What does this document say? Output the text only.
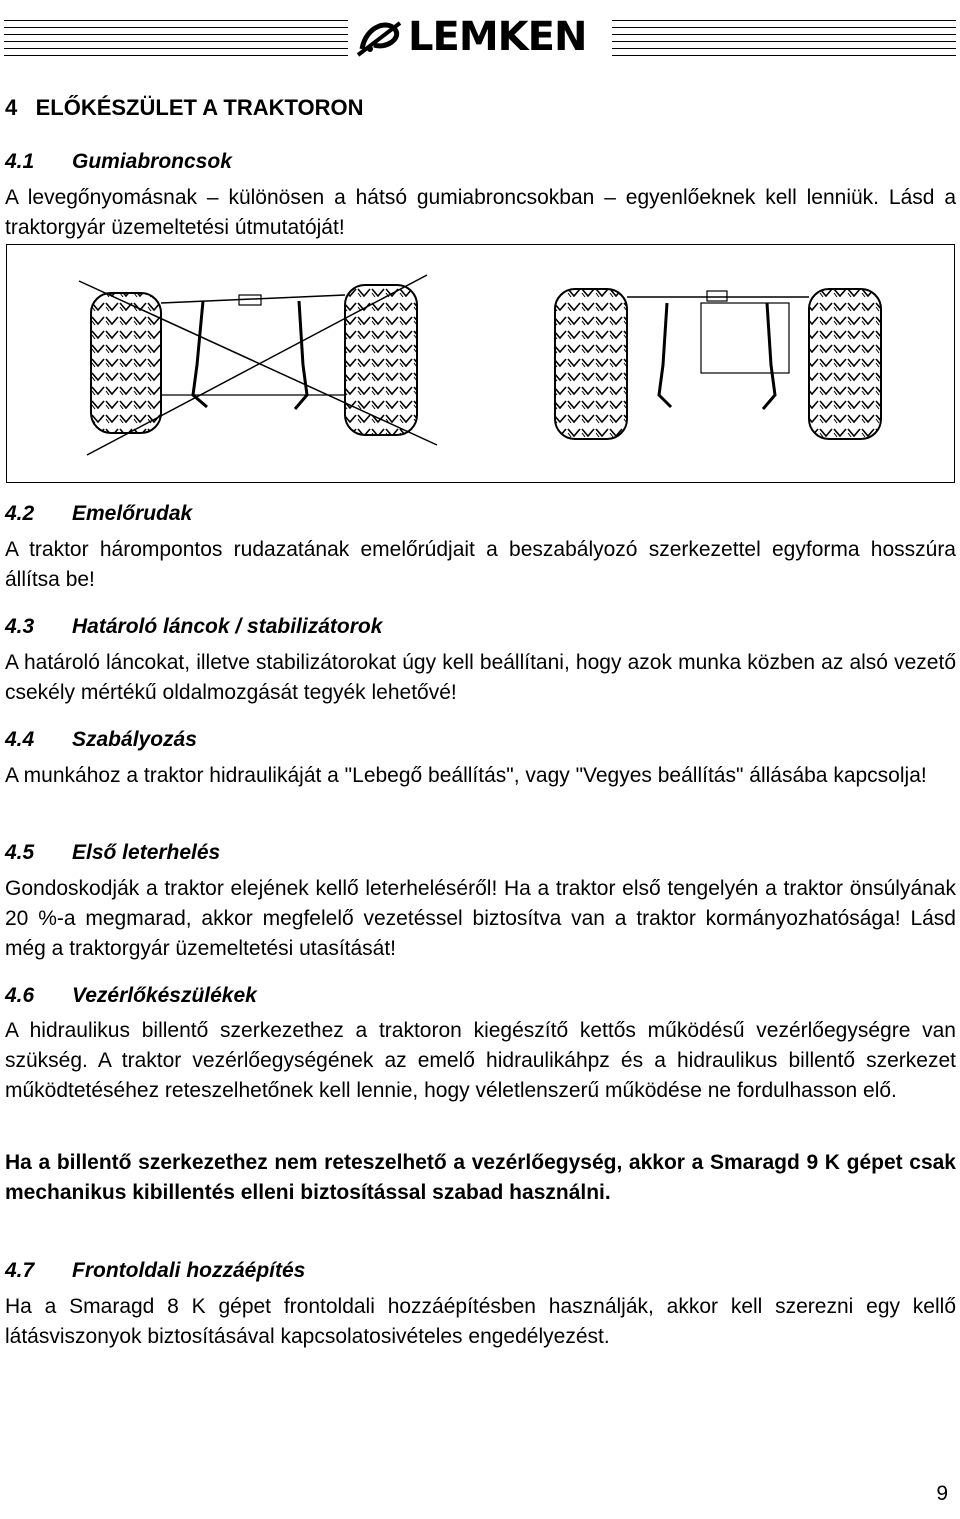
LEMKEN
4 ELŐKÉSZÜLET A TRAKTORON
4.1 Gumiabroncsok
A levegőnyomásnak – különösen a hátsó gumiabroncsokban – egyenlőeknek kell lenniük. Lásd a traktorgyár üzemeltetési útmutatóját!
4.2 Emelőrudak
A traktor hárompontos rudazatának emelőrúdjait a beszabályozó szerkezettel egyforma hosszúra állítsa be!
4.3 Határoló láncok / stabilizátorok
A határoló láncokat, illetve stabilizátorokat úgy kell beállítani, hogy azok munka közben az alsó vezető csekély mértékű oldalmozgását tegyék lehetővé!
4.4 Szabályozás
A munkához a traktor hidraulikáját a "Lebegő beállítás", vagy "Vegyes beállítás" állásába kapcsolja!
4.5 Első leterhelés
Gondoskodják a traktor elejének kellő leterheléséről! Ha a traktor első tengelyén a traktor önsúlyának 20 %-a megmarad, akkor megfelelő vezetéssel biztosítva van a traktor kormányozhatósága! Lásd még a traktorgyár üzemeltetési utasítását!
4.6 Vezérlőkészülékek
A hidraulikus billentő szerkezethez a traktoron kiegészítő kettős működésű vezérlőegységre van szükség. A traktor vezérlőegységének az emelő hidraulikáhpz és a hidraulikus billentő szerkezet működtetéséhez reteszelhetőnek kell lennie, hogy véletlenszerű működése ne fordulhasson elő.
Ha a billentő szerkezethez nem reteszelhető a vezérlőegység, akkor a Smaragd 9 K gépet csak mechanikus kibillentés elleni biztosítással szabad használni.
4.7 Frontoldali hozzáépítés
Ha a Smaragd 8 K gépet frontoldali hozzáépítésben használják, akkor kell szerezni egy kellő látásviszonyok biztosításával kapcsolatosivételes engedélyezést.
9
